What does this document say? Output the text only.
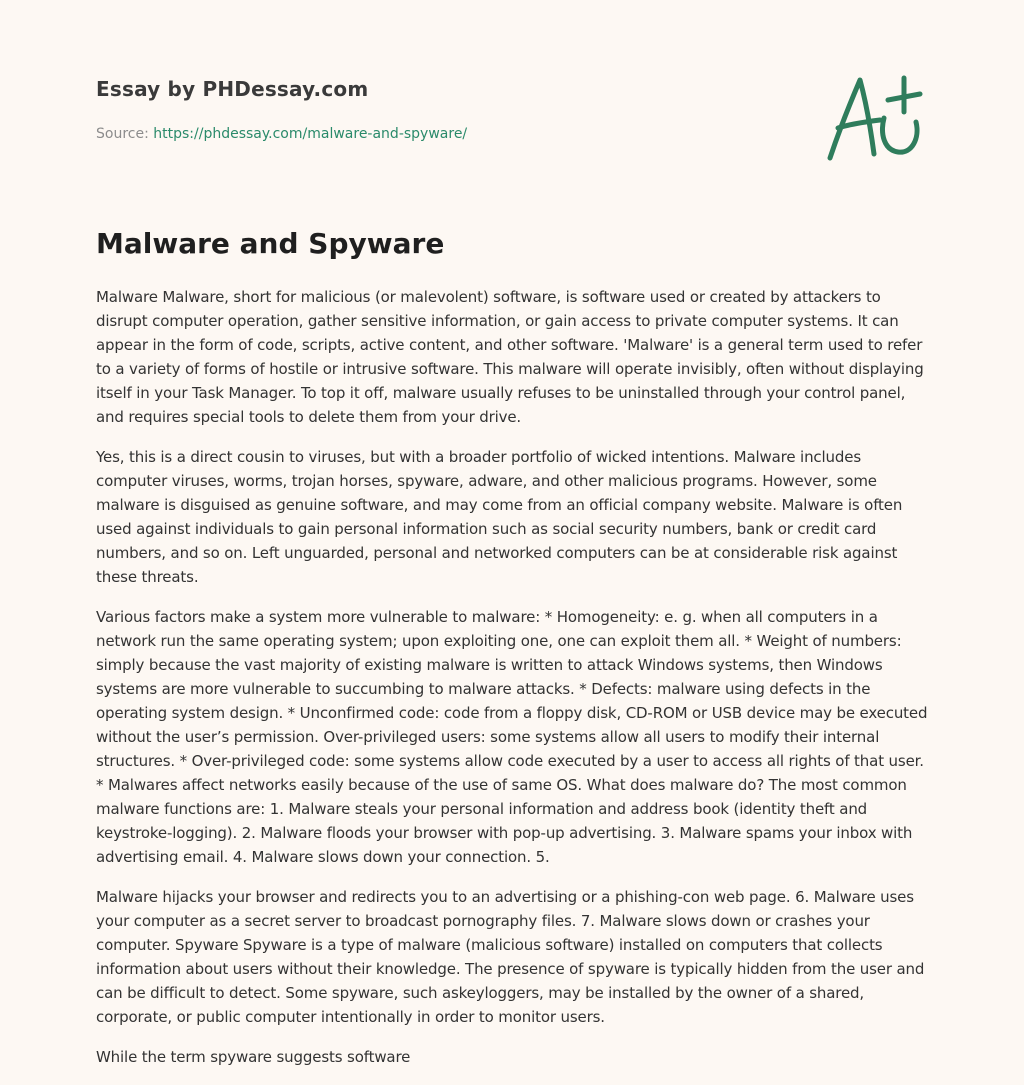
Essay by PHDessay.com
Source: https://phdessay.com/malware-and-spyware/
Malware and Spyware

Malware Malware, short for malicious (or malevolent) software, is software used or created by attackers to disrupt computer operation, gather sensitive information, or gain access to private computer systems. It can appear in the form of code, scripts, active content, and other software. 'Malware' is a general term used to refer to a variety of forms of hostile or intrusive software. This malware will operate invisibly, often without displaying itself in your Task Manager. To top it off, malware usually refuses to be uninstalled through your control panel, and requires special tools to delete them from your drive.

Yes, this is a direct cousin to viruses, but with a broader portfolio of wicked intentions. Malware includes computer viruses, worms, trojan horses, spyware, adware, and other malicious programs. However, some malware is disguised as genuine software, and may come from an official company website. Malware is often used against individuals to gain personal information such as social security numbers, bank or credit card numbers, and so on. Left unguarded, personal and networked computers can be at considerable risk against these threats.

Various factors make a system more vulnerable to malware: * Homogeneity: e. g. when all computers in a network run the same operating system; upon exploiting one, one can exploit them all. * Weight of numbers: simply because the vast majority of existing malware is written to attack Windows systems, then Windows systems are more vulnerable to succumbing to malware attacks. * Defects: malware using defects in the operating system design. * Unconfirmed code: code from a floppy disk, CD-ROM or USB device may be executed without the user’s permission. Over-privileged users: some systems allow all users to modify their internal structures. * Over-privileged code: some systems allow code executed by a user to access all rights of that user. * Malwares affect networks easily because of the use of same OS. What does malware do? The most common malware functions are: 1. Malware steals your personal information and address book (identity theft and keystroke-logging). 2. Malware floods your browser with pop-up advertising. 3. Malware spams your inbox with advertising email. 4. Malware slows down your connection. 5.

Malware hijacks your browser and redirects you to an advertising or a phishing-con web page. 6. Malware uses your computer as a secret server to broadcast pornography files. 7. Malware slows down or crashes your computer. Spyware Spyware is a type of malware (malicious software) installed on computers that collects information about users without their knowledge. The presence of spyware is typically hidden from the user and can be difficult to detect. Some spyware, such askeyloggers, may be installed by the owner of a shared, corporate, or public computer intentionally in order to monitor users.

While the term spyware suggests software
